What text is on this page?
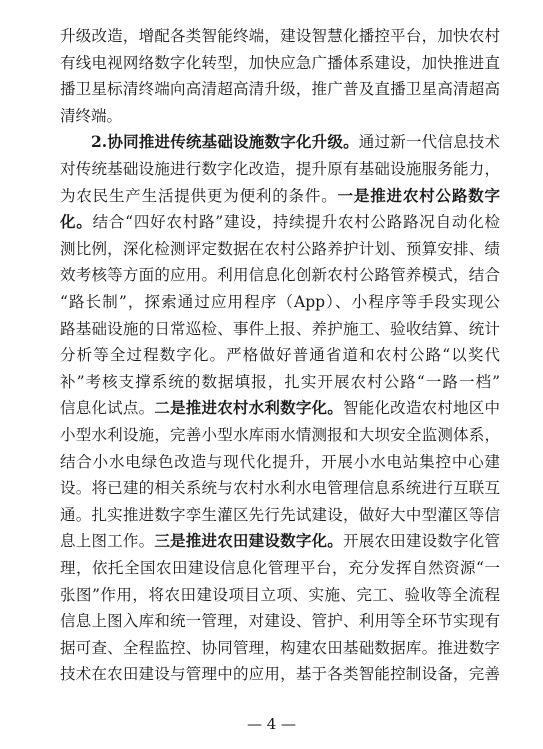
升级改造，增配各类智能终端，建设智慧化播控平台，加快农村
有线电视网络数字化转型，加快应急广播体系建设，加快推进直
播卫星标清终端向高清超高清升级，推广普及直播卫星高清超高
清终端。
2.协同推进传统基础设施数字化升级。通过新一代信息技术
对传统基础设施进行数字化改造，提升原有基础设施服务能力，
为农民生产生活提供更为便利的条件。一是推进农村公路数字
化。结合“四好农村路”建设，持续提升农村公路路况自动化检
测比例，深化检测评定数据在农村公路养护计划、预算安排、绩
效考核等方面的应用。利用信息化创新农村公路管养模式，结合
“路长制”，探索通过应用程序（App）、小程序等手段实现公
路基础设施的日常巡检、事件上报、养护施工、验收结算、统计
分析等全过程数字化。严格做好普通省道和农村公路“以奖代
补”考核支撑系统的数据填报，扎实开展农村公路“一路一档”
信息化试点。二是推进农村水利数字化。智能化改造农村地区中
小型水利设施，完善小型水库雨水情测报和大坝安全监测体系，
结合小水电绿色改造与现代化提升，开展小水电站集控中心建
设。将已建的相关系统与农村水利水电管理信息系统进行互联互
通。扎实推进数字孪生灌区先行先试建设，做好大中型灌区等信
息上图工作。三是推进农田建设数字化。开展农田建设数字化管
理，依托全国农田建设信息化管理平台，充分发挥自然资源“一
张图”作用，将农田建设项目立项、实施、完工、验收等全流程
信息上图入库和统一管理，对建设、管护、利用等全环节实现有
据可查、全程监控、协同管理，构建农田基础数据库。推进数字
技术在农田建设与管理中的应用，基于各类智能控制设备，完善
— 4 —
